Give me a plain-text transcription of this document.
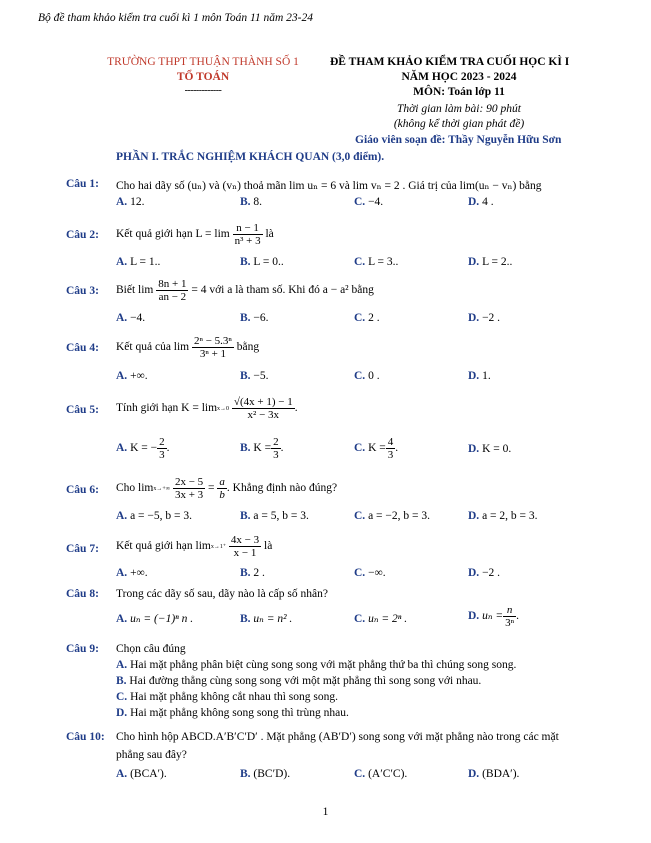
Bộ đề tham khảo kiểm tra cuối kì 1 môn Toán 11 năm 23-24
TRƯỜNG THPT THUẬN THÀNH SỐ 1
TỔ TOÁN
-------------
ĐỀ THAM KHẢO KIỂM TRA CUỐI HỌC KÌ I
NĂM HỌC 2023 - 2024
MÔN: Toán lớp 11
Thời gian làm bài: 90 phút
(không kể thời gian phát đề)
Giáo viên soạn đề: Thầy Nguyễn Hữu Sơn
PHẦN I. TRẮC NGHIỆM KHÁCH QUAN (3,0 điểm).
Câu 1: Cho hai dãy số (uₙ) và (vₙ) thoả mãn lim uₙ = 6 và lim vₙ = 2 . Giá trị của lim(uₙ − vₙ) bằng
A. 12.	B. 8.	C. −4.	D. 4 .
Câu 2: Kết quả giới hạn $L = \lim \frac{n - 1}{\text{n³ + 3}}$ là
A. L = 1..	B. L = 0..	C. L = 3..	D. L = 2..
Câu 3: Biết $\lim \frac{8n + 1}{an - 2} = 4$ với a là tham số. Khi đó a − a² bằng
A. −4.	B. −6.	C. 2 .	D. −2 .
Câu 4: Kết quả của $\lim \frac{\text{2ⁿ − 5.3ⁿ}}{\text{3ⁿ + 1}}$ bằng
A. +∞.	B. −5.	C. 0 .	D. 1.
Câu 5: Tính giới hạn K = lim x→0
$\frac{√(4x + 1) - 1}{\text{x² − 3x}}$ .
A. K = − $\frac{2}{3}$ .	B. $K = \frac{2}{3}$ .	C. $K = \frac{4}{3}$ .	D. K = 0.
Câu 6: Cho lim x→+∞
$\frac{2x - 5}{3x + 3} = \frac{a}{b}$ . Khẳng định nào đúng?
A. a = −5, b = 3.	B. a = 5, b = 3.	C. a = −2, b = 3.	D. a = 2, b = 3.
Câu 7: Kết quả giới hạn lim x→1⁺
$\frac{4x - 3}{x - 1}$ là
A. +∞.	B. 2 .	C. −∞.	D. −2 .
Câu 8: Trong các dãy số sau, dãy nào là cấp số nhân?
A. uₙ = (−1)ⁿ n .	B. uₙ = n² .	C. uₙ = 2ⁿ .	D. $u_n = \frac{n}{\text{3ⁿ}}$ .
Câu 9: Chọn câu đúng
A. Hai mặt phẳng phân biệt cùng song song với mặt phẳng thứ ba thì chúng song song.
B. Hai đường thẳng cùng song song với một mặt phẳng thì song song với nhau.
C. Hai mặt phẳng không cắt nhau thì song song.
D. Hai mặt phẳng không song song thì trùng nhau.
Câu 10: Cho hình hộp ABCD.A′B′C′D′ . Mặt phẳng (AB′D′) song song với mặt phẳng nào trong các mặt
phẳng sau đây?
A. (BCA′).	B. (BC′D).	C. (A′C′C).	D. (BDA′).
1
